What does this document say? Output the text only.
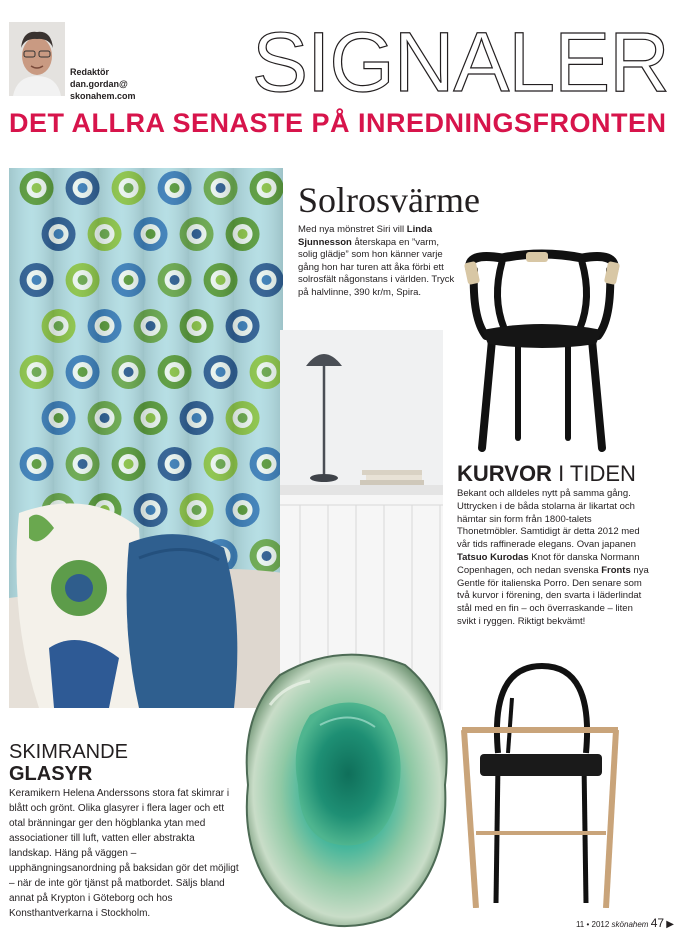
Redaktör
dan.gordan@
skonahem.com SIGNALER
DET ALLRA SENASTE PÅ INREDNINGSFRONTEN
Solrosvärme
Med nya mönstret Siri vill Linda Sjunnesson återskapa en ”varm, solig glädje” som hon känner varje gång hon har turen att åka förbi ett solrosfält någonstans i världen. Tryck på halvlinne, 390 kr/m, Spira.
KURVOR I TIDEN
Bekant och alldeles nytt på samma gång. Uttrycken i de båda stolarna är likartat och hämtar sin form från 1800-talets Thonetmöbler. Samtidigt är detta 2012 med vår tids raffinerade elegans. Ovan japanen Tatsuo Kurodas Knot för danska Normann Copenhagen, och nedan svenska Fronts nya Gentle för italienska Porro. Den senare som två kurvor i förening, den svarta i läderlindat stål med en fin – och överraskande – liten svikt i ryggen. Riktigt bekvämt!
SKIMRANDE
GLASYR
Keramikern Helena Anderssons stora fat skimrar i blått och grönt. Olika glasyrer i flera lager och ett otal bränningar ger den högblanka ytan med associationer till luft, vatten eller abstrakta landskap. Häng på väggen – upphängningsanordning på baksidan gör det möjligt – när de inte gör tjänst på matbordet. Säljs bland annat på Krypton i Göteborg och hos Konsthantverkarna i Stockholm.
11 • 2012 skönahem 47 ▶
